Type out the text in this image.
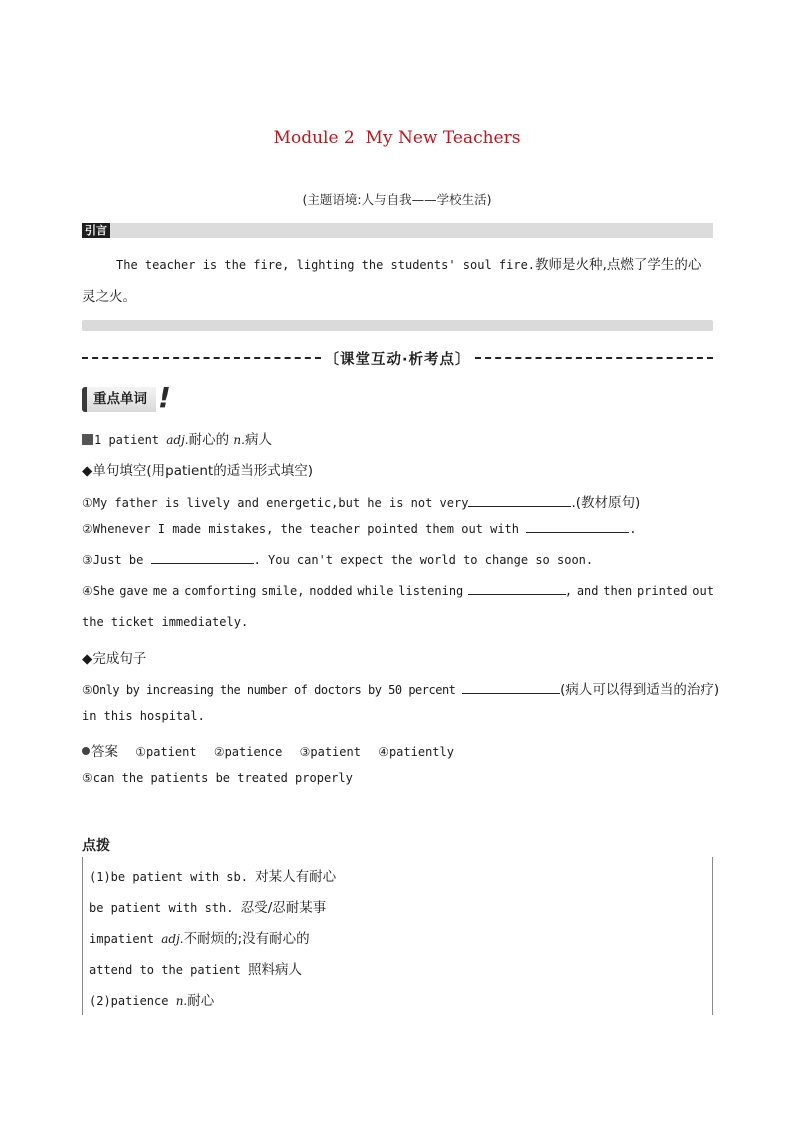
Module 2  My New Teachers
(主题语境:人与自我——学校生活)
引言
The teacher is the fire, lighting the students' soul fire.教师是火种,点燃了学生的心灵之火。
〔课堂互动·析考点〕
重点单词 !
1 patient adj.耐心的 n.病人
◆单句填空(用patient的适当形式填空)
①My father is lively and energetic,but he is not very	.(教材原句)
②Whenever I made mistakes, the teacher pointed them out with	.
③Just be	. You can't expect the world to change so soon.
④She gave me a comforting smile, nodded while listening	, and then printed out
the ticket immediately.
◆完成句子
⑤Only by increasing the number of doctors by 50 percent	(病人可以得到适当的治疗)
in this hospital.
答案 ①patient ②patience ③patient ④patiently
⑤can the patients be treated properly
点拨
(1)be patient with sb. 对某人有耐心
be patient with sth. 忍受/忍耐某事
impatient adj.不耐烦的;没有耐心的
attend to the patient 照料病人
(2)patience n.耐心
